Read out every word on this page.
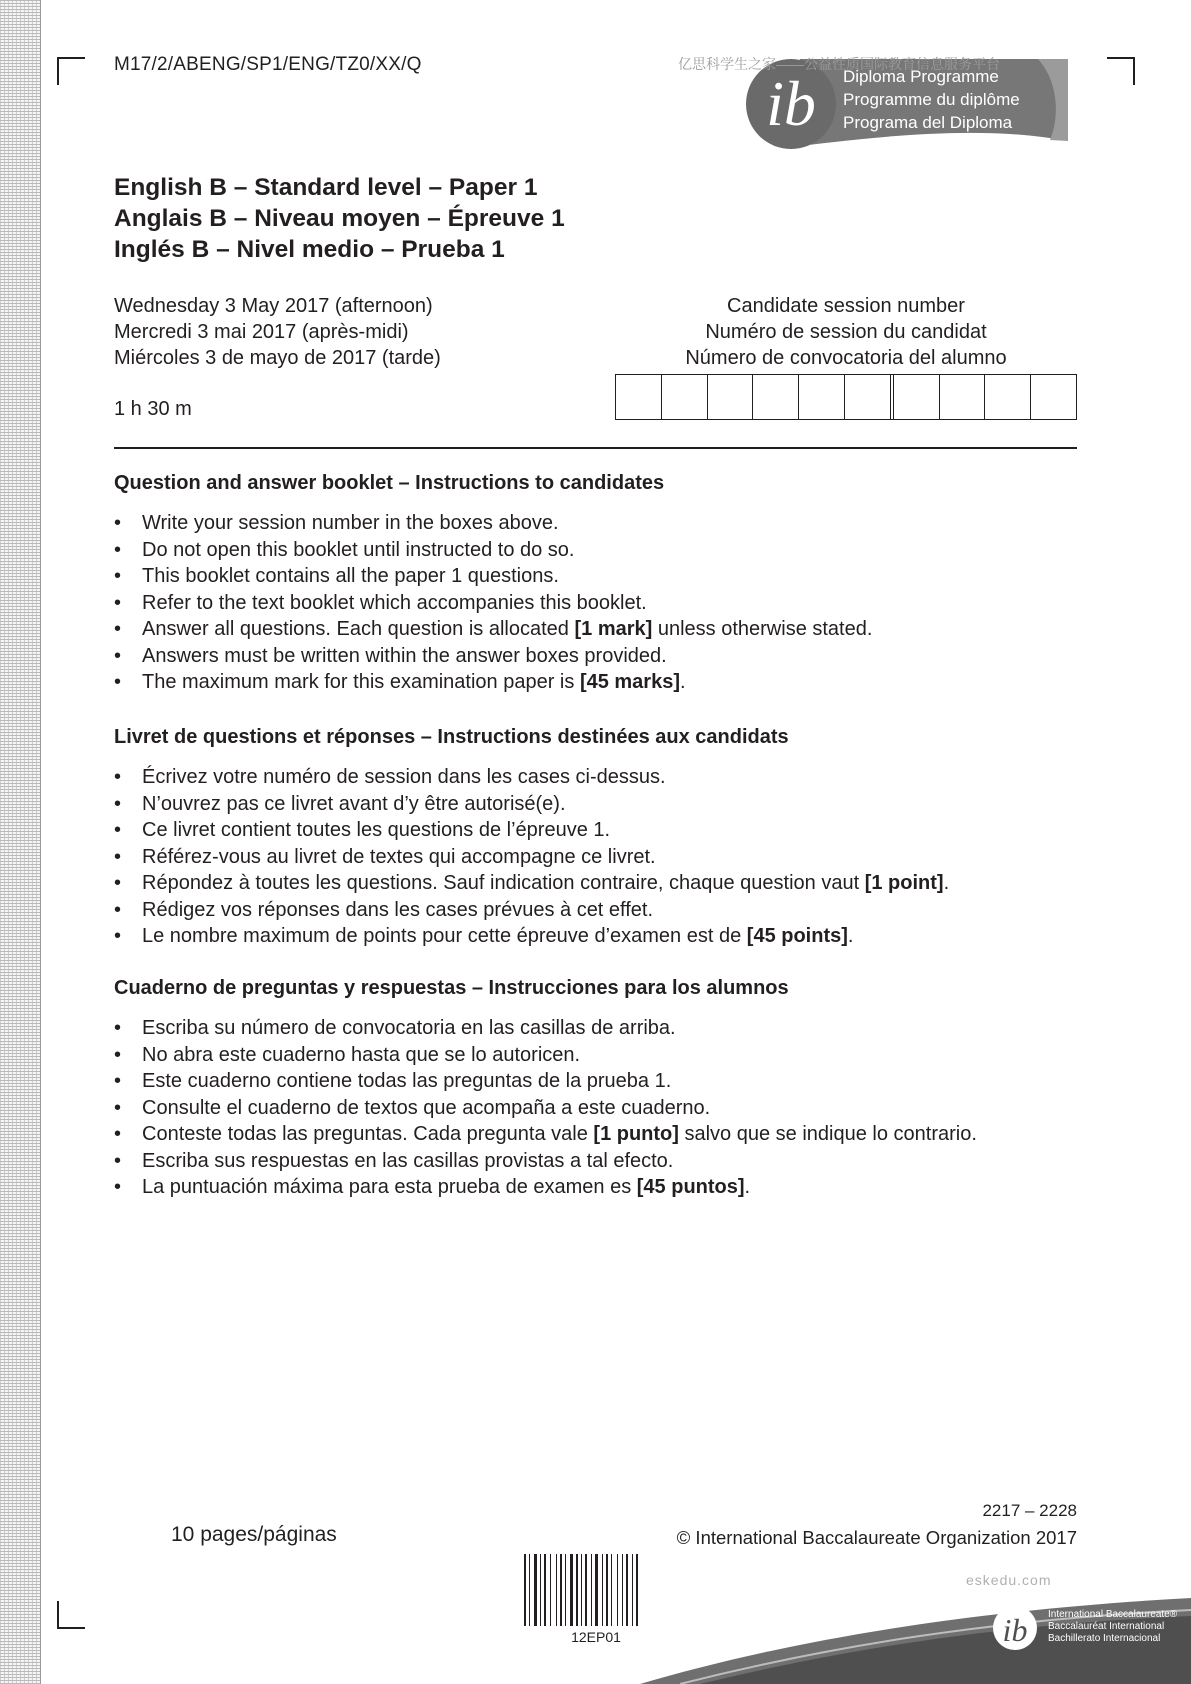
M17/2/ABENG/SP1/ENG/TZ0/XX/Q
ib Diploma Programme
Programme du diplôme
Programa del Diploma
亿思科学生之家——公益性质国际教育信息服务平台
English B – Standard level – Paper 1
Anglais B – Niveau moyen – Épreuve 1
Inglés B – Nivel medio – Prueba 1
Wednesday 3 May 2017 (afternoon)
Mercredi 3 mai 2017 (après-midi)
Miércoles 3 de mayo de 2017 (tarde)
1 h 30 m
Candidate session number
Numéro de session du candidat
Número de convocatoria del alumno
Question and answer booklet – Instructions to candidates
• Write your session number in the boxes above.
• Do not open this booklet until instructed to do so.
• This booklet contains all the paper 1 questions.
• Refer to the text booklet which accompanies this booklet.
• Answer all questions. Each question is allocated [1 mark] unless otherwise stated.
• Answers must be written within the answer boxes provided.
• The maximum mark for this examination paper is [45 marks].
Livret de questions et réponses – Instructions destinées aux candidats
• Écrivez votre numéro de session dans les cases ci-dessus.
• N’ouvrez pas ce livret avant d’y être autorisé(e).
• Ce livret contient toutes les questions de l’épreuve 1.
• Référez-vous au livret de textes qui accompagne ce livret.
• Répondez à toutes les questions. Sauf indication contraire, chaque question vaut [1 point].
• Rédigez vos réponses dans les cases prévues à cet effet.
• Le nombre maximum de points pour cette épreuve d’examen est de [45 points].
Cuaderno de preguntas y respuestas – Instrucciones para los alumnos
• Escriba su número de convocatoria en las casillas de arriba.
• No abra este cuaderno hasta que se lo autoricen.
• Este cuaderno contiene todas las preguntas de la prueba 1.
• Consulte el cuaderno de textos que acompaña a este cuaderno.
• Conteste todas las preguntas. Cada pregunta vale [1 punto] salvo que se indique lo contrario.
• Escriba sus respuestas en las casillas provistas a tal efecto.
• La puntuación máxima para esta prueba de examen es [45 puntos].
2217 – 2228
© International Baccalaureate Organization 2017
10 pages/páginas
12EP01	ib International Baccalaureate®
Baccalauréat International
Bachillerato Internacional
eskedu.com
